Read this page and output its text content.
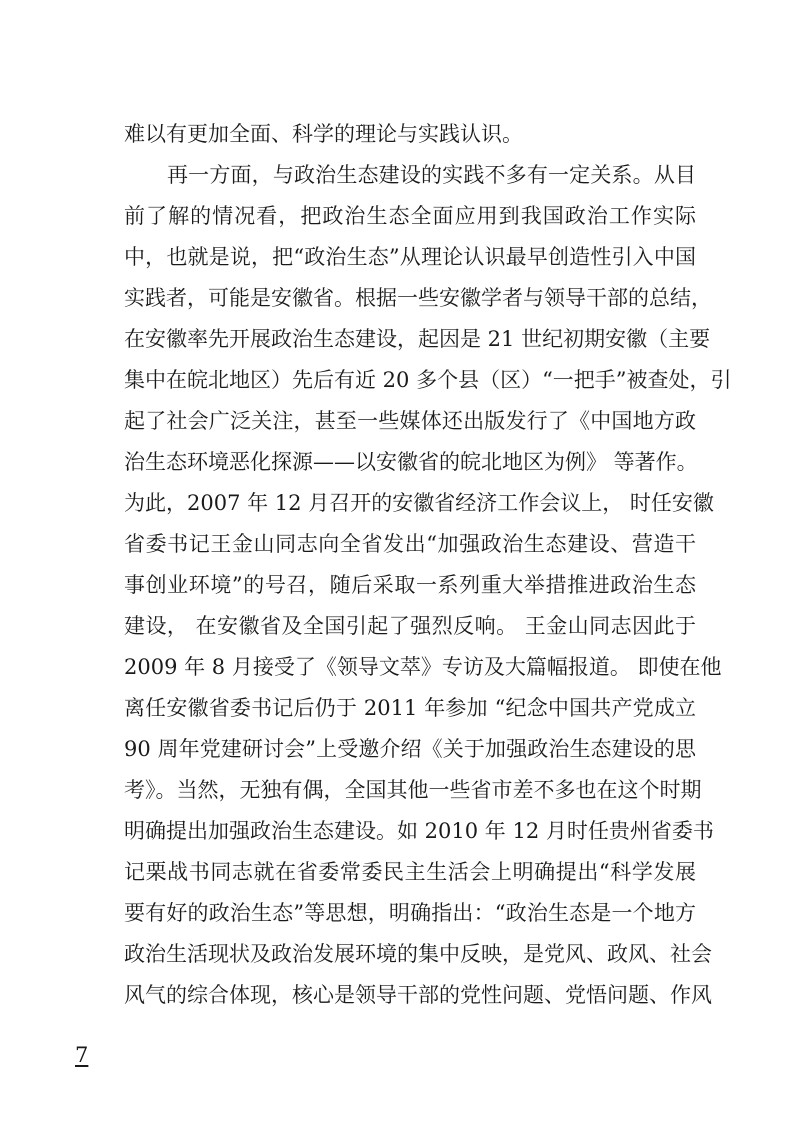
难以有更加全面、科学的理论与实践认识。
再一方面，与政治生态建设的实践不多有一定关系。从目
前了解的情况看，把政治生态全面应用到我国政治工作实际
中，也就是说，把“政治生态”从理论认识最早创造性引入中国
实践者，可能是安徽省。根据一些安徽学者与领导干部的总结，
在安徽率先开展政治生态建设，起因是 21 世纪初期安徽（主要
集中在皖北地区）先后有近 20 多个县（区）“一把手”被查处，引
起了社会广泛关注，甚至一些媒体还出版发行了《中国地方政
治生态环境恶化探源——以安徽省的皖北地区为例》 等著作。
为此，2007 年 12 月召开的安徽省经济工作会议上， 时任安徽
省委书记王金山同志向全省发出“加强政治生态建设、营造干
事创业环境”的号召，随后采取一系列重大举措推进政治生态
建设， 在安徽省及全国引起了强烈反响。 王金山同志因此于
2009 年 8 月接受了《领导文萃》专访及大篇幅报道。 即使在他
离任安徽省委书记后仍于 2011 年参加 “纪念中国共产党成立
90 周年党建研讨会”上受邀介绍《关于加强政治生态建设的思
考》。当然，无独有偶，全国其他一些省市差不多也在这个时期
明确提出加强政治生态建设。如 2010 年 12 月时任贵州省委书
记栗战书同志就在省委常委民主生活会上明确提出“科学发展
要有好的政治生态”等思想，明确指出：“政治生态是一个地方
政治生活现状及政治发展环境的集中反映，是党风、政风、社会
风气的综合体现，核心是领导干部的党性问题、党悟问题、作风
7
